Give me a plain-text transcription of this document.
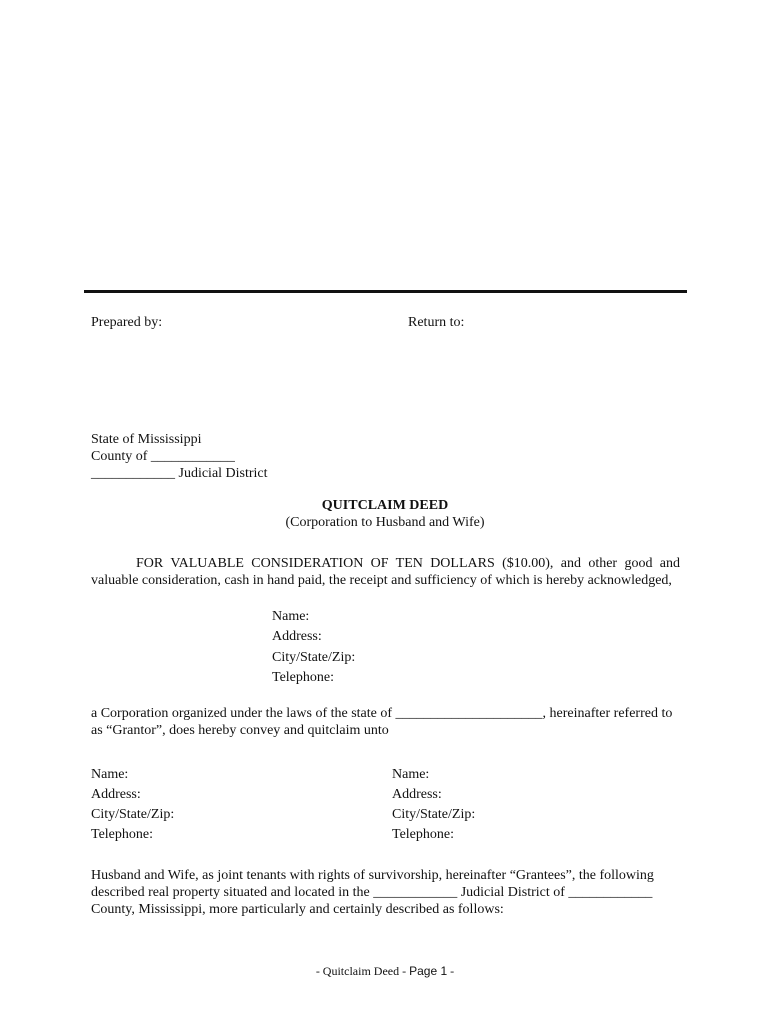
Prepared by:	Return to:
State of Mississippi
County of ____________
____________ Judicial District
QUITCLAIM DEED
(Corporation to Husband and Wife)
FOR VALUABLE CONSIDERATION OF TEN DOLLARS ($10.00), and other good and
valuable consideration, cash in hand paid, the receipt and sufficiency of which is hereby acknowledged,
Name:
Address:
City/State/Zip:
Telephone:
a Corporation organized under the laws of the state of _____________________, hereinafter referred to
as “Grantor”, does hereby convey and quitclaim unto
Name:
Address:
City/State/Zip:
Telephone:
Name:
Address:
City/State/Zip:
Telephone:
Husband and Wife, as joint tenants with rights of survivorship, hereinafter “Grantees”, the following
described real property situated and located in the ____________ Judicial District of ____________
County, Mississippi, more particularly and certainly described as follows:
- Quitclaim Deed - Page 1 -
